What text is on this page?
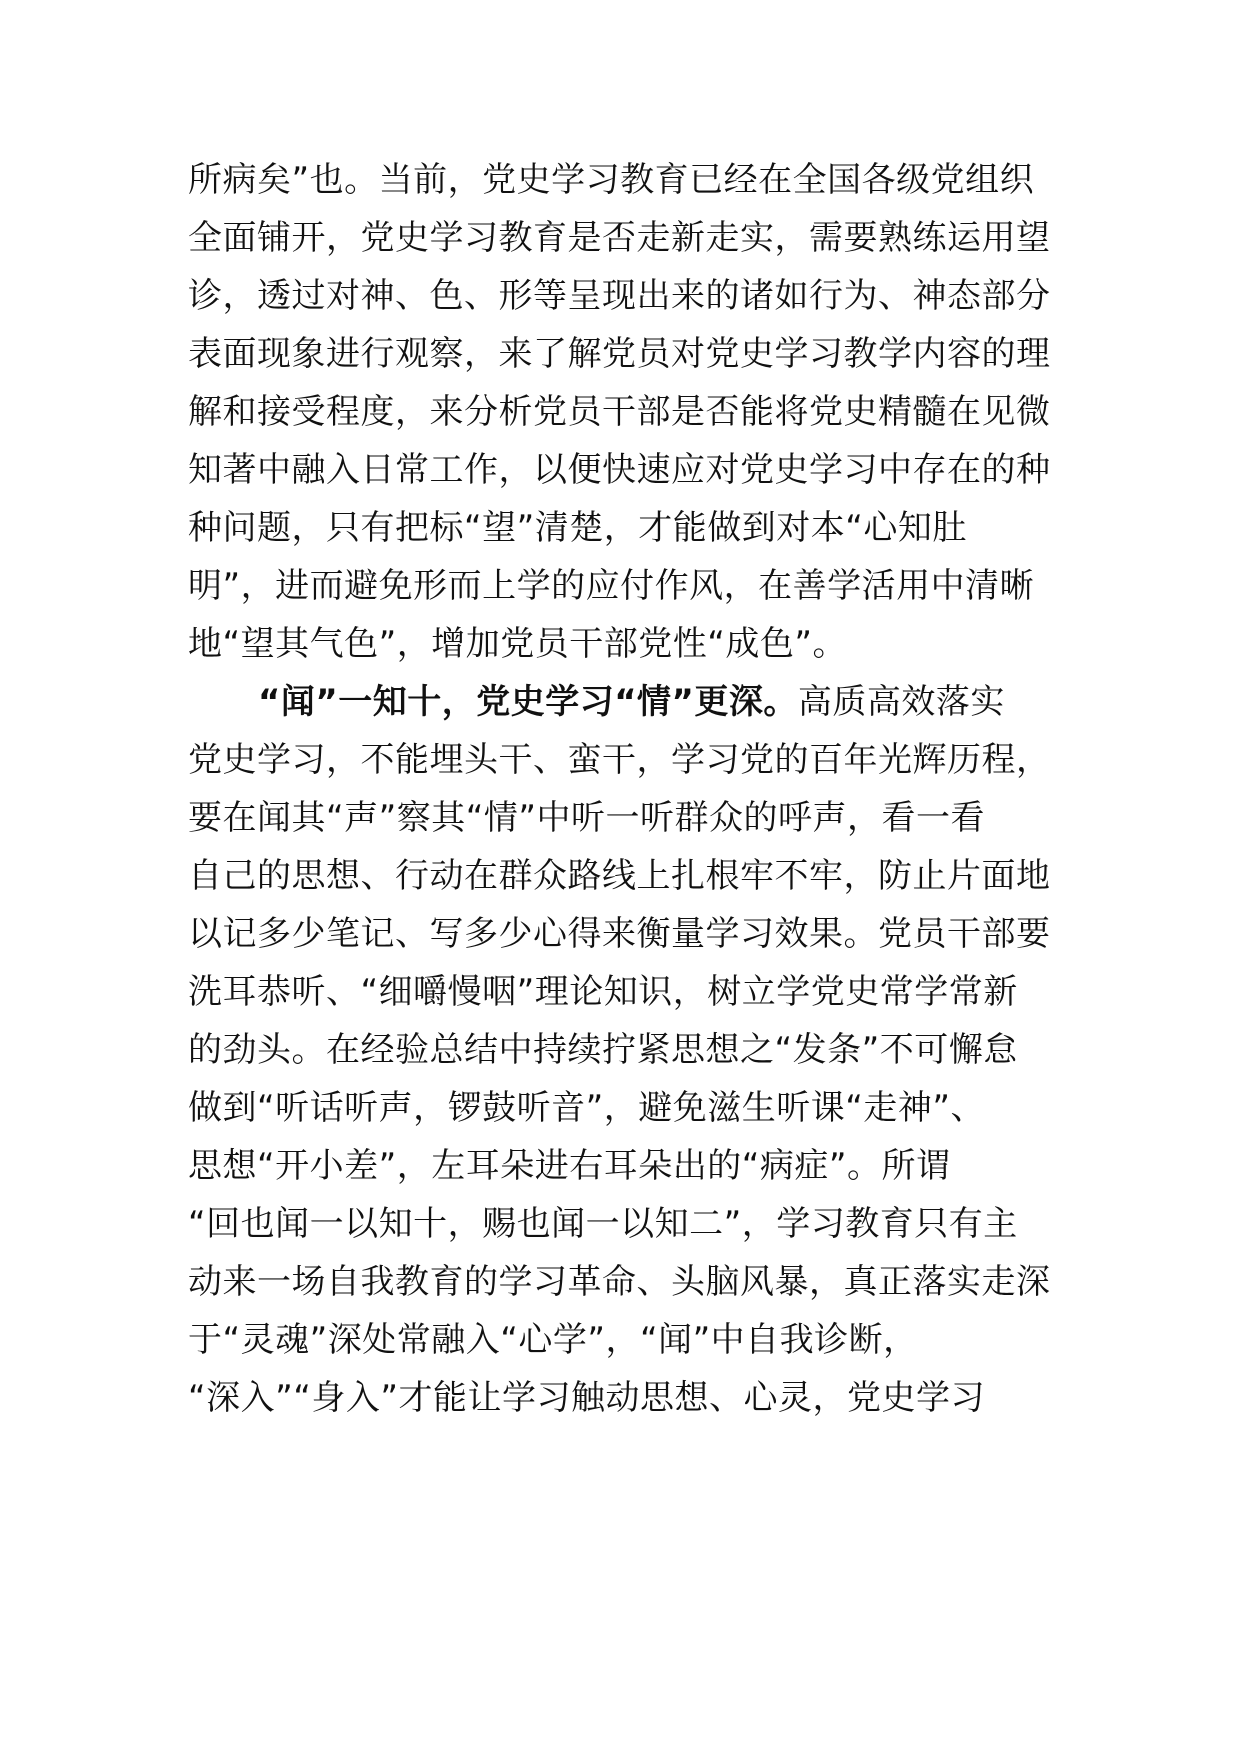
所病矣”也。当前，党史学习教育已经在全国各级党组织
全面铺开，党史学习教育是否走新走实，需要熟练运用望
诊，透过对神、色、形等呈现出来的诸如行为、神态部分
表面现象进行观察，来了解党员对党史学习教学内容的理
解和接受程度，来分析党员干部是否能将党史精髓在见微
知著中融入日常工作，以便快速应对党史学习中存在的种
种问题，只有把标“望”清楚，才能做到对本“心知肚
明”，进而避免形而上学的应付作风，在善学活用中清晰
地“望其气色”，增加党员干部党性“成色”。
“闻”一知十，党史学习“情”更深。高质高效落实
党史学习，不能埋头干、蛮干，学习党的百年光辉历程，
要在闻其“声”察其“情”中听一听群众的呼声，看一看
自己的思想、行动在群众路线上扎根牢不牢，防止片面地
以记多少笔记、写多少心得来衡量学习效果。党员干部要
洗耳恭听、“细嚼慢咽”理论知识，树立学党史常学常新
的劲头。在经验总结中持续拧紧思想之“发条”不可懈怠
做到“听话听声，锣鼓听音”，避免滋生听课“走神”、
思想“开小差”，左耳朵进右耳朵出的“病症”。所谓
“回也闻一以知十，赐也闻一以知二”，学习教育只有主
动来一场自我教育的学习革命、头脑风暴，真正落实走深
于“灵魂”深处常融入“心学”，“闻”中自我诊断，
“深入”“身入”才能让学习触动思想、心灵，党史学习
